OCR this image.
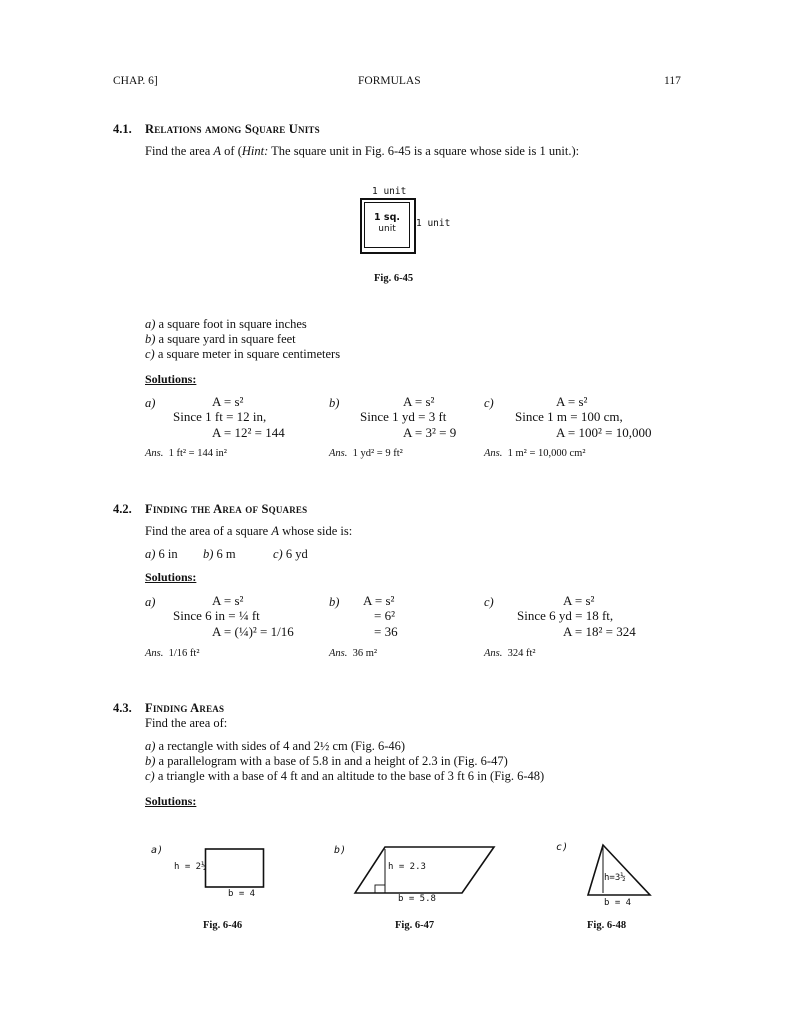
CHAP. 6]	FORMULAS	117
4.1. Relations among Square Units
Find the area A of (Hint: The square unit in Fig. 6-45 is a square whose side is 1 unit.):
1 unit
1 sq.
unit	1 unit
Fig. 6-45
a) a square foot in square inches
b) a square yard in square feet
c) a square meter in square centimeters
Solutions:
a)	A = s²
Since 1 ft = 12 in,
A = 12² = 144
Ans. 1 ft² = 144 in²
b)	A = s²
Since 1 yd = 3 ft
A = 3² = 9
Ans. 1 yd² = 9 ft²
c)	A = s²
Since 1 m = 100 cm,
A = 100² = 10,000
Ans. 1 m² = 10,000 cm²
4.2. Finding the Area of Squares
Find the area of a square A whose side is:
a) 6 in b) 6 m	c) 6 yd
Solutions:
a)	A = s²
Since 6 in = ¼ ft
A = (¼)² = 1/16
Ans. 1/16 ft²
b) A = s²
= 6²
= 36
Ans. 36 m²
c)	A = s²
Since 6 yd = 18 ft,
A = 18² = 324
Ans. 324 ft²
4.3. Finding Areas
Find the area of:
a) a rectangle with sides of 4 and 2½ cm (Fig. 6-46)
b) a parallelogram with a base of 5.8 in and a height of 2.3 in (Fig. 6-47)
c) a triangle with a base of 4 ft and an altitude to the base of 3 ft 6 in (Fig. 6-48)
Solutions:
a)
h = 2½
b = 4
Fig. 6-46
b)
h = 2.3
b = 5.8
Fig. 6-47
c)
h=3½
b = 4
Fig. 6-48
